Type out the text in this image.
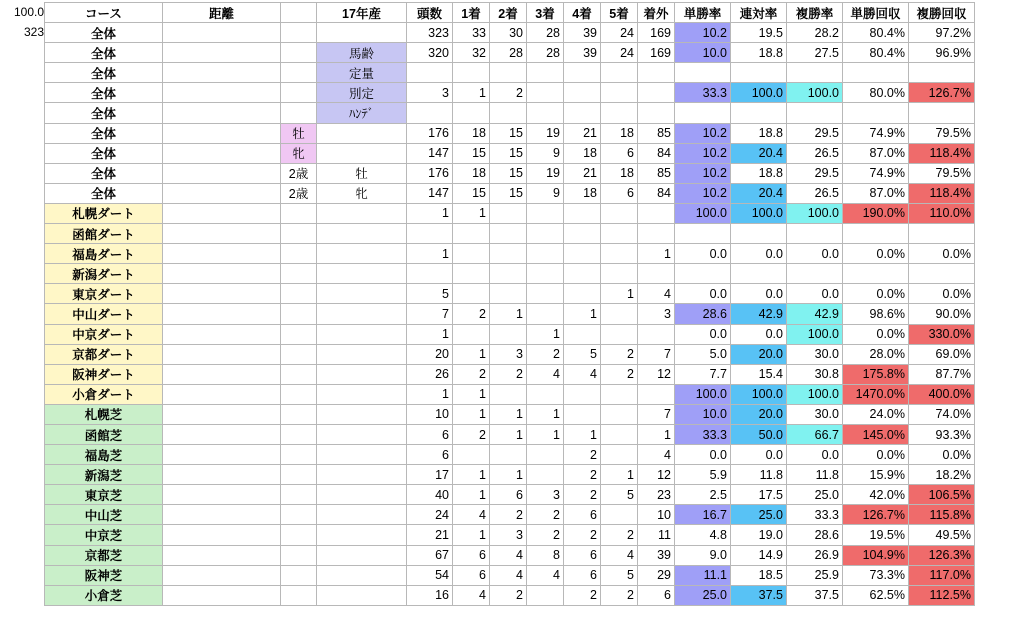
100.0
323
コース	距離		17年産	頭数	1着	2着	3着	4着	5着	着外	単勝率	連対率	複勝率	単勝回収	複勝回収
全体				323	33	30	28	39	24	169	10.2	19.5	28.2	80.4%	97.2%
全体			馬齢	320	32	28	28	39	24	169	10.0	18.8	27.5	80.4%	96.9%
全体			定量												
全体			別定	3	1	2					33.3	100.0	100.0	80.0%	126.7%
全体			ﾊﾝﾃﾞ												
全体		牡		176	18	15	19	21	18	85	10.2	18.8	29.5	74.9%	79.5%
全体		牝		147	15	15	9	18	6	84	10.2	20.4	26.5	87.0%	118.4%
全体		2歳	牡	176	18	15	19	21	18	85	10.2	18.8	29.5	74.9%	79.5%
全体		2歳	牝	147	15	15	9	18	6	84	10.2	20.4	26.5	87.0%	118.4%
札幌ダート				1	1						100.0	100.0	100.0	190.0%	110.0%
函館ダート															
福島ダート				1						1	0.0	0.0	0.0	0.0%	0.0%
新潟ダート															
東京ダート				5					1	4	0.0	0.0	0.0	0.0%	0.0%
中山ダート				7	2	1		1		3	28.6	42.9	42.9	98.6%	90.0%
中京ダート				1			1				0.0	0.0	100.0	0.0%	330.0%
京都ダート				20	1	3	2	5	2	7	5.0	20.0	30.0	28.0%	69.0%
阪神ダート				26	2	2	4	4	2	12	7.7	15.4	30.8	175.8%	87.7%
小倉ダート				1	1						100.0	100.0	100.0	1470.0%	400.0%
札幌芝				10	1	1	1			7	10.0	20.0	30.0	24.0%	74.0%
函館芝				6	2	1	1	1		1	33.3	50.0	66.7	145.0%	93.3%
福島芝				6				2		4	0.0	0.0	0.0	0.0%	0.0%
新潟芝				17	1	1		2	1	12	5.9	11.8	11.8	15.9%	18.2%
東京芝				40	1	6	3	2	5	23	2.5	17.5	25.0	42.0%	106.5%
中山芝				24	4	2	2	6		10	16.7	25.0	33.3	126.7%	115.8%
中京芝				21	1	3	2	2	2	11	4.8	19.0	28.6	19.5%	49.5%
京都芝				67	6	4	8	6	4	39	9.0	14.9	26.9	104.9%	126.3%
阪神芝				54	6	4	4	6	5	29	11.1	18.5	25.9	73.3%	117.0%
小倉芝				16	4	2		2	2	6	25.0	37.5	37.5	62.5%	112.5%
